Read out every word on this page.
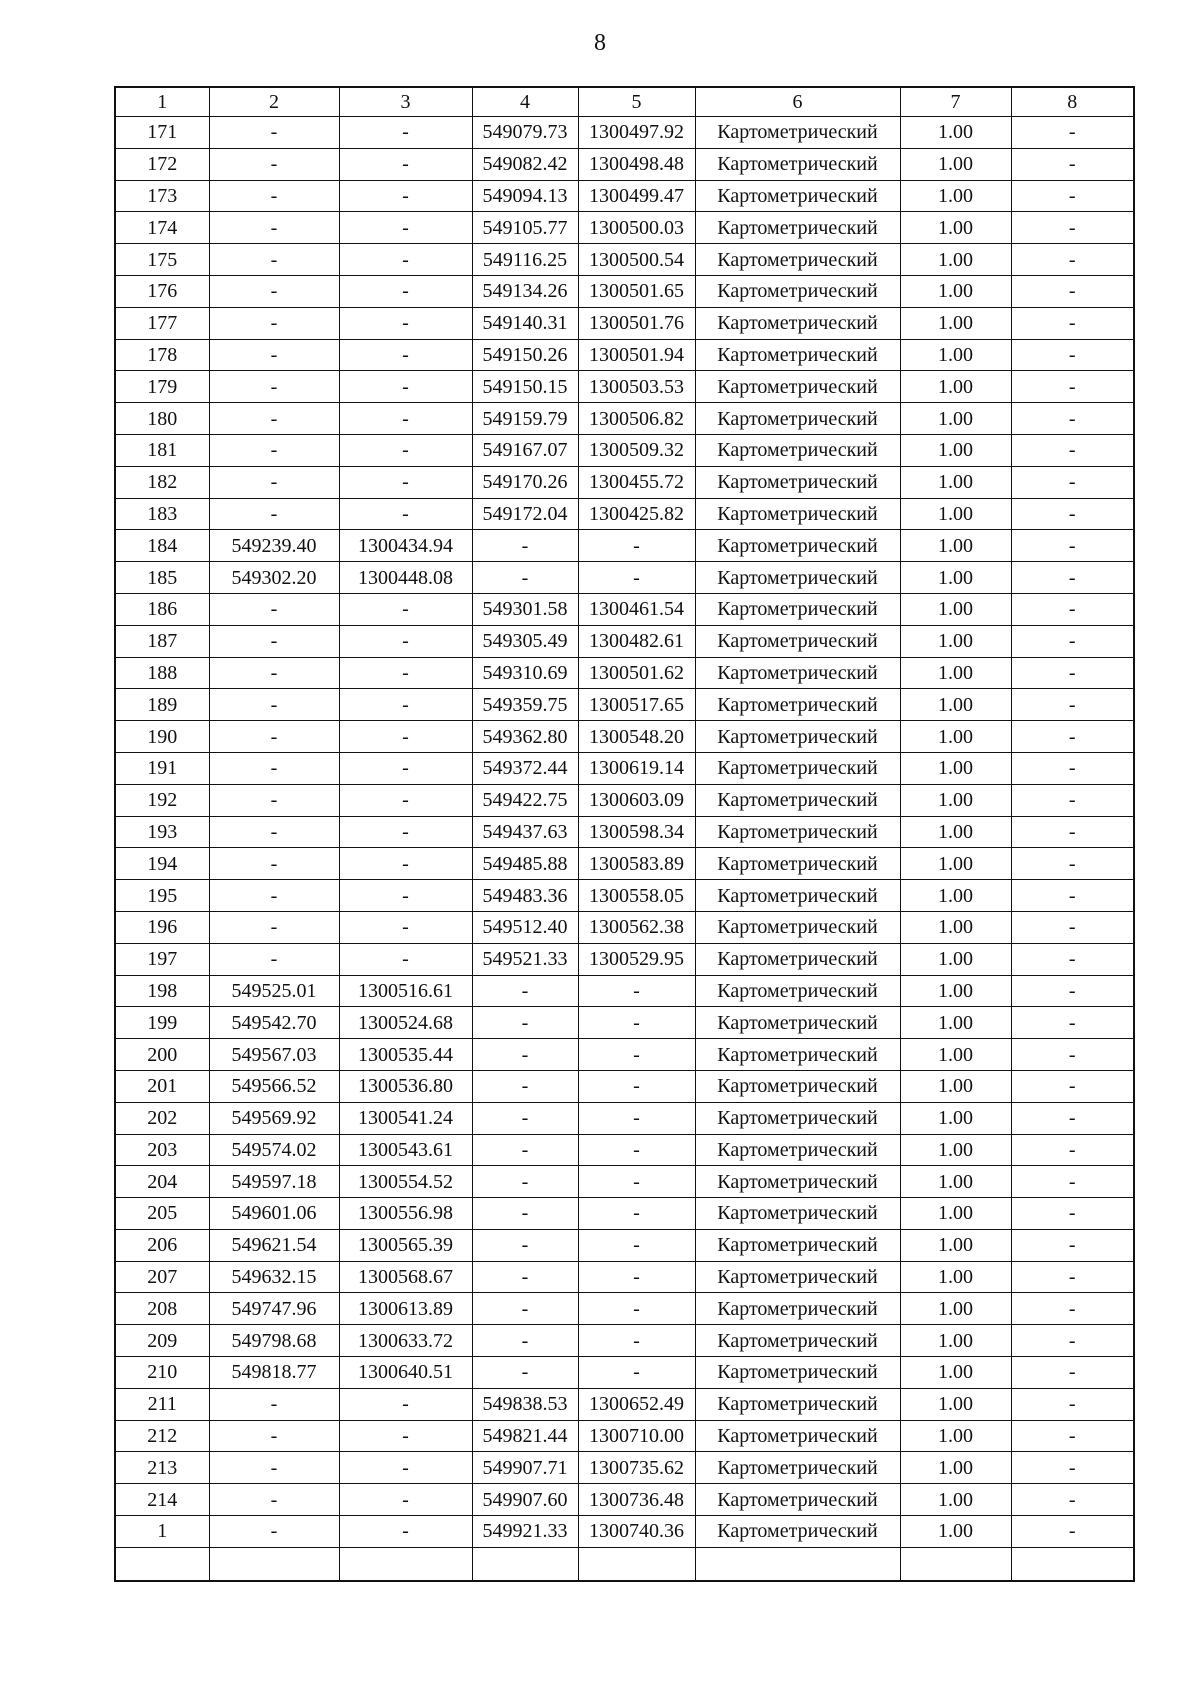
8
1	2	3	4	5	6	7	8
171	-	-	549079.73	1300497.92	Картометрический	1.00	-
172	-	-	549082.42	1300498.48	Картометрический	1.00	-
173	-	-	549094.13	1300499.47	Картометрический	1.00	-
174	-	-	549105.77	1300500.03	Картометрический	1.00	-
175	-	-	549116.25	1300500.54	Картометрический	1.00	-
176	-	-	549134.26	1300501.65	Картометрический	1.00	-
177	-	-	549140.31	1300501.76	Картометрический	1.00	-
178	-	-	549150.26	1300501.94	Картометрический	1.00	-
179	-	-	549150.15	1300503.53	Картометрический	1.00	-
180	-	-	549159.79	1300506.82	Картометрический	1.00	-
181	-	-	549167.07	1300509.32	Картометрический	1.00	-
182	-	-	549170.26	1300455.72	Картометрический	1.00	-
183	-	-	549172.04	1300425.82	Картометрический	1.00	-
184	549239.40	1300434.94	-	-	Картометрический	1.00	-
185	549302.20	1300448.08	-	-	Картометрический	1.00	-
186	-	-	549301.58	1300461.54	Картометрический	1.00	-
187	-	-	549305.49	1300482.61	Картометрический	1.00	-
188	-	-	549310.69	1300501.62	Картометрический	1.00	-
189	-	-	549359.75	1300517.65	Картометрический	1.00	-
190	-	-	549362.80	1300548.20	Картометрический	1.00	-
191	-	-	549372.44	1300619.14	Картометрический	1.00	-
192	-	-	549422.75	1300603.09	Картометрический	1.00	-
193	-	-	549437.63	1300598.34	Картометрический	1.00	-
194	-	-	549485.88	1300583.89	Картометрический	1.00	-
195	-	-	549483.36	1300558.05	Картометрический	1.00	-
196	-	-	549512.40	1300562.38	Картометрический	1.00	-
197	-	-	549521.33	1300529.95	Картометрический	1.00	-
198	549525.01	1300516.61	-	-	Картометрический	1.00	-
199	549542.70	1300524.68	-	-	Картометрический	1.00	-
200	549567.03	1300535.44	-	-	Картометрический	1.00	-
201	549566.52	1300536.80	-	-	Картометрический	1.00	-
202	549569.92	1300541.24	-	-	Картометрический	1.00	-
203	549574.02	1300543.61	-	-	Картометрический	1.00	-
204	549597.18	1300554.52	-	-	Картометрический	1.00	-
205	549601.06	1300556.98	-	-	Картометрический	1.00	-
206	549621.54	1300565.39	-	-	Картометрический	1.00	-
207	549632.15	1300568.67	-	-	Картометрический	1.00	-
208	549747.96	1300613.89	-	-	Картометрический	1.00	-
209	549798.68	1300633.72	-	-	Картометрический	1.00	-
210	549818.77	1300640.51	-	-	Картометрический	1.00	-
211	-	-	549838.53	1300652.49	Картометрический	1.00	-
212	-	-	549821.44	1300710.00	Картометрический	1.00	-
213	-	-	549907.71	1300735.62	Картометрический	1.00	-
214	-	-	549907.60	1300736.48	Картометрический	1.00	-
1	-	-	549921.33	1300740.36	Картометрический	1.00	-
